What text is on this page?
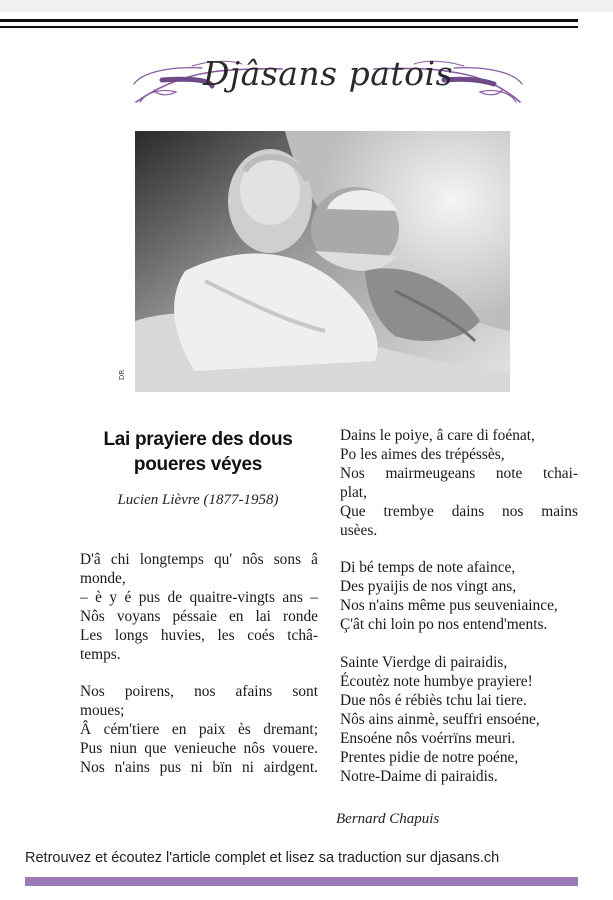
Djâsans patois
DR
Lai prayiere des dous
poueres véyes
Lucien Lièvre (1877-1958)
D'â chi longtemps qu' nôs sons â
monde,
– è y é pus de quaitre-vingts ans –
Nôs voyans péssaie en lai ronde
Les longs huvies, les coés tchâ-
temps.
Nos poirens, nos afains sont
moues;
Â cém'tiere en paix ès dremant;
Pus niun que venieuche nôs vouere.
Nos n'ains pus ni bïn ni airdgent.
Dains le poiye, â care di foénat,
Po les aimes des trépéssès,
Nos mairmeugeans note tchai-
plat,
Que trembye dains nos mains
usèes.
Di bé temps de note afaince,
Des pyaijis de nos vingt ans,
Nos n'ains même pus seuveniaince,
Ç'ât chi loin po nos entend'ments.
Sainte Vierdge di pairaidis,
Écoutèz note humbye prayiere!
Due nôs é rébiès tchu lai tiere.
Nôs ains ainmè, seuffri ensoéne,
Ensoéne nôs voérrïns meuri.
Prentes pidie de notre poéne,
Notre-Daime di pairaidis.
Bernard Chapuis
Retrouvez et écoutez l'article complet et lisez sa traduction sur djasans.ch
